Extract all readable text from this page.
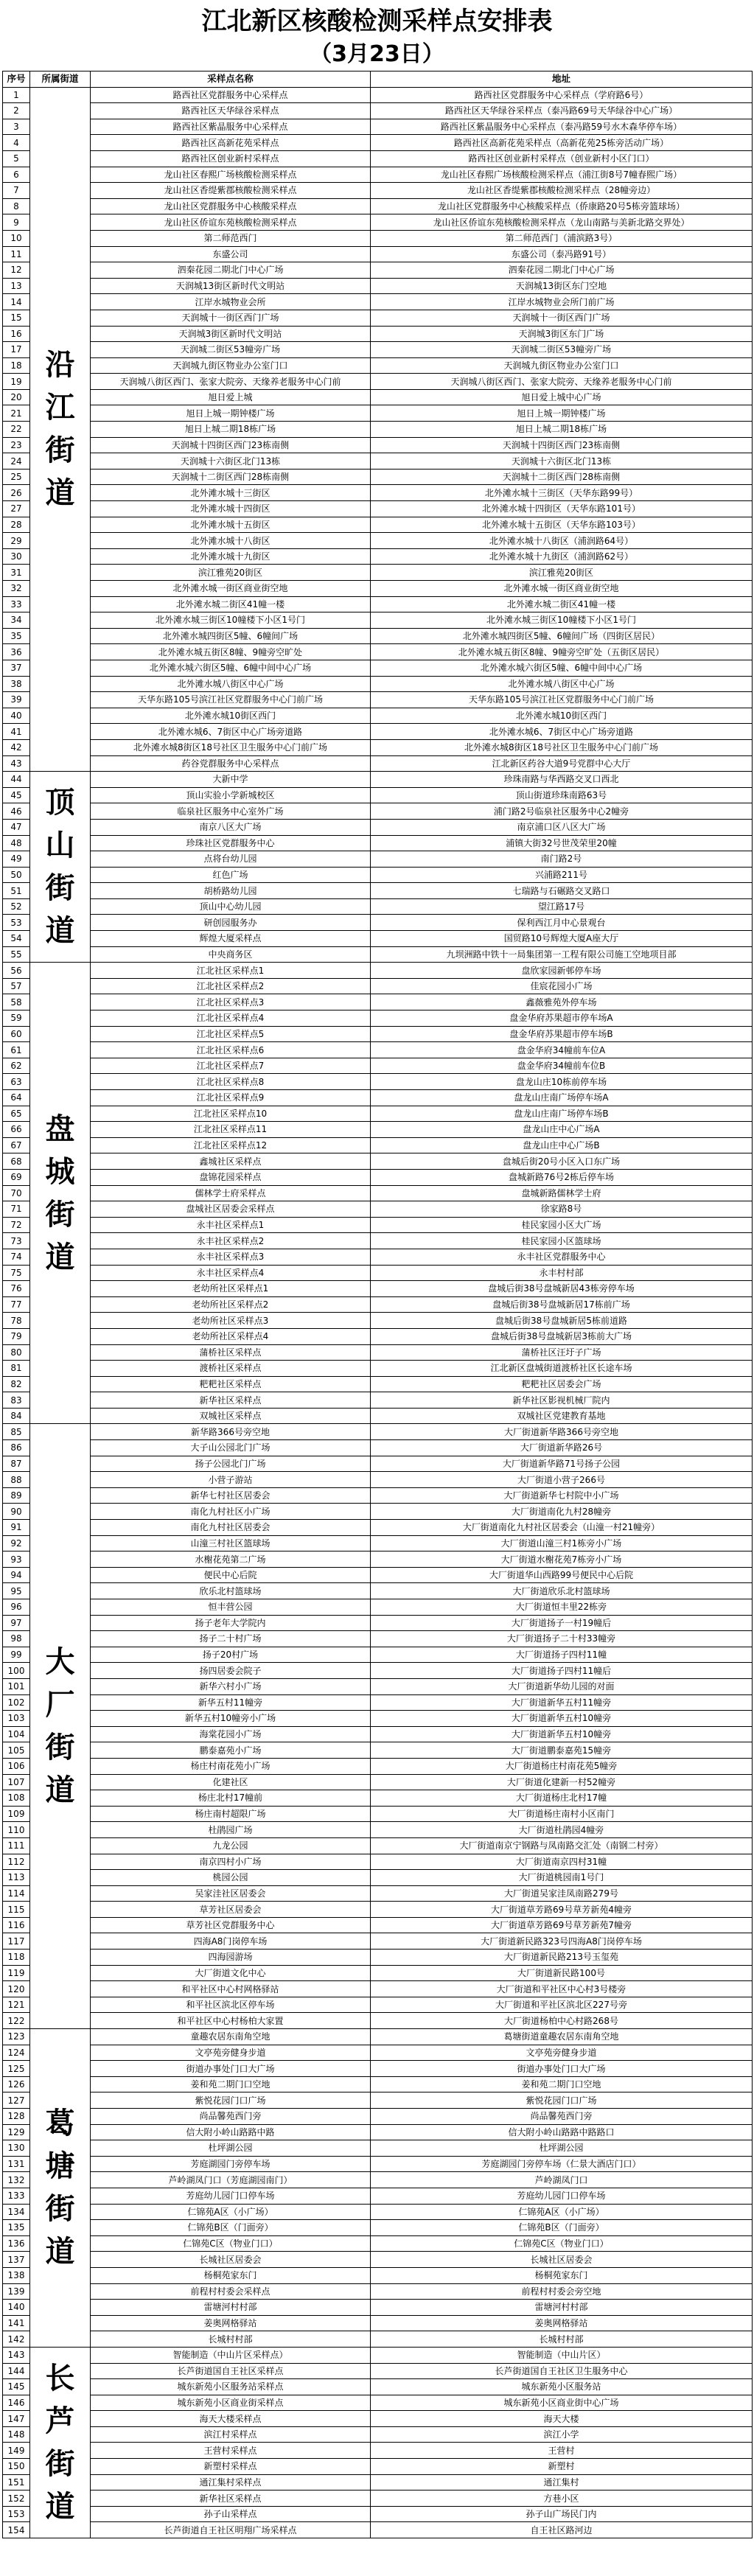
江北新区核酸检测采样点安排表
（3月23日）
序号	所属街道	采样点名称	地址
1	沿江街道	路西社区党群服务中心采样点	路西社区党群服务中心采样点（学府路6号）
2		路西社区天华绿谷采样点	路西社区天华绿谷采样点（泰冯路69号天华绿谷中心广场）
3		路西社区紫晶服务中心采样点	路西社区紫晶服务中心采样点（泰冯路59号水木森华停车场）
4		路西社区高新花苑采样点	路西社区高新花苑采样点（高新花苑25栋旁活动广场）
5		路西社区创业新村采样点	路西社区创业新村采样点（创业新村小区门口）
6		龙山社区春熙广场核酸检测采样点	龙山社区春熙广场核酸检测采样点（浦江街8号7幢春熙广场）
7		龙山社区香缇紫郡核酸检测采样点	龙山社区香缇紫郡核酸检测采样点（28幢旁边）
8		龙山社区党群服务中心核酸采样点	龙山社区党群服务中心核酸采样点（侨康路20号5栋旁篮球场）
9		龙山社区侨谊东苑核酸检测采样点	龙山社区侨谊东苑核酸检测采样点（龙山南路与美新北路交界处）
10		第二师范西门	第二师范西门（浦滨路3号）
11		东盛公司	东盛公司（泰冯路91号）
12		泗秦花园二期北门中心广场	泗秦花园二期北门中心广场
13		天润城13街区新时代文明站	天润城13街区东门空地
14		江岸水城物业会所	江岸水城物业会所门前广场
15		天润城十一街区西门广场	天润城十一街区西门广场
16		天润城3街区新时代文明站	天润城3街区东门广场
17		天润城二街区53幢旁广场	天润城二街区53幢旁广场
18		天润城九街区物业办公室门口	天润城九街区物业办公室门口
19		天润城八街区西门、张家大院旁、天缘养老服务中心门前	天润城八街区西门、张家大院旁、天缘养老服务中心门前
20		旭日爱上城	旭日爱上城中心广场
21		旭日上城一期钟楼广场	旭日上城一期钟楼广场
22		旭日上城二期18栋广场	旭日上城二期18栋广场
23		天润城十四街区西门23栋南侧	天润城十四街区西门23栋南侧
24		天润城十六街区北门13栋	天润城十六街区北门13栋
25		天润城十二街区西门28栋南侧	天润城十二街区西门28栋南侧
26		北外滩水城十三街区	北外滩水城十三街区（天华东路99号）
27		北外滩水城十四街区	北外滩水城十四街区（天华东路101号）
28		北外滩水城十五街区	北外滩水城十五街区（天华东路103号）
29		北外滩水城十八街区	北外滩水城十八街区（浦润路64号）
30		北外滩水城十九街区	北外滩水城十九街区（浦润路62号）
31		滨江雅苑20街区	滨江雅苑20街区
32		北外滩水城一街区商业街空地	北外滩水城一街区商业街空地
33		北外滩水城二街区41幢一楼	北外滩水城二街区41幢一楼
34		北外滩水城三街区10幢楼下小区1号门	北外滩水城三街区10幢楼下小区1号门
35		北外滩水城四街区5幢、6幢间广场	北外滩水城四街区5幢、6幢间广场（四街区居民）
36		北外滩水城五街区8幢、9幢旁空旷处	北外滩水城五街区8幢、9幢旁空旷处（五街区居民）
37		北外滩水城六街区5幢、6幢中间中心广场	北外滩水城六街区5幢、6幢中间中心广场
38		北外滩水城八街区中心广场	北外滩水城八街区中心广场
39		天华东路105号滨江社区党群服务中心门前广场	天华东路105号滨江社区党群服务中心门前广场
40		北外滩水城10街区西门	北外滩水城10街区西门
41		北外滩水城6、7街区中心广场旁道路	北外滩水城6、7街区中心广场旁道路
42		北外滩水城8街区18号社区卫生服务中心门前广场	北外滩水城8街区18号社区卫生服务中心门前广场
43		药谷党群服务中心采样点	江北新区药谷大道9号党群中心大厅
44	顶山街道	大新中学	珍珠南路与华西路交叉口西北
45		顶山实验小学新城校区	顶山街道珍珠南路63号
46		临泉社区服务中心室外广场	浦门路2号临泉社区服务中心2幢旁
47		南京八区大广场	南京浦口区八区大广场
48		珍珠社区党群服务中心	浦镇大街32号世茂荣里20幢
49		点将台幼儿园	南门路2号
50		红色广场	兴浦路211号
51		胡桥路幼儿园	七瑞路与石碾路交叉路口
52		顶山中心幼儿园	望江路17号
53		研创园服务办	保利西江月中心景观台
54		辉煌大厦采样点	国贸路10号辉煌大厦A座大厅
55		中央商务区	九坝洲路中铁十一局集团第一工程有限公司施工空地项目部
56	盘城街道	江北社区采样点1	盘欣家园新邨停车场
57		江北社区采样点2	佳宸花园小广场
58		江北社区采样点3	鑫薇雅苑外停车场
59		江北社区采样点4	盘金华府苏果超市停车场A
60		江北社区采样点5	盘金华府苏果超市停车场B
61		江北社区采样点6	盘金华府34幢前车位A
62		江北社区采样点7	盘金华府34幢前车位B
63		江北社区采样点8	盘龙山庄10栋前停车场
64		江北社区采样点9	盘龙山庄南广场停车场A
65		江北社区采样点10	盘龙山庄南广场停车场B
66		江北社区采样点11	盘龙山庄中心广场A
67		江北社区采样点12	盘龙山庄中心广场B
68		鑫城社区采样点	盘城后街20号小区入口东广场
69		盘锦花园采样点	盘城新路76号2栋后停车场
70		儒林学士府采样点	盘城新路儒林学士府
71		盘城社区居委会采样点	徐家路8号
72		永丰社区采样点1	桂民家园小区大广场
73		永丰社区采样点2	桂民家园小区篮球场
74		永丰社区采样点3	永丰社区党群服务中心
75		永丰社区采样点4	永丰村村部
76		老幼所社区采样点1	盘城后街38号盘城新居43栋旁停车场
77		老幼所社区采样点2	盘城后街38号盘城新居17栋前广场
78		老幼所社区采样点3	盘城后街38号盘城新居5栋前道路
79		老幼所社区采样点4	盘城后街38号盘城新居3栋前大广场
80		蒲桥社区采样点	蒲桥社区汪圩子广场
81		渡桥社区采样点	江北新区盘城街道渡桥社区长途车场
82		粑粑社区采样点	粑粑社区居委会广场
83		新华社区采样点	新华社区影视机械厂院内
84		双城社区采样点	双城社区党建教育基地
85	大厂街道	新华路366号旁空地	大厂街道新华路366号旁空地
86		大子山公园北门广场	大厂街道新华路26号
87		扬子公园北门广场	大厂街道新华路71号扬子公园
88		小营子游站	大厂街道小营子266号
89		新华七村社区居委会	大厂街道新华七村院中小广场
90		南化九村社区小广场	大厂街道南化九村28幢旁
91		南化九村社区居委会	大厂街道南化九村社区居委会（山潼一村21幢旁）
92		山潼三村社区篮球场	大厂街道山潼三村1栋旁小广场
93		水榭花苑第二广场	大厂街道水榭花苑7栋旁小广场
94		便民中心后院	大厂街道华山西路99号便民中心后院
95		欣乐北村篮球场	大厂街道欣乐北村篮球场
96		恒丰营公园	大厂街道恒丰里22栋旁
97		扬子老年大学院内	大厂街道扬子一村19幢后
98		扬子二十村广场	大厂街道扬子二十村33幢旁
99		扬子20村广场	大厂街道扬子四村11幢
100		扬四居委会院子	大厂街道扬子四村11幢后
101		新华六村小广场	大厂街道新华幼儿园的对面
102		新华五村11幢旁	大厂街道新华五村11幢旁
103		新华五村10幢旁小广场	大厂街道新华五村10幢旁
104		海棠花园小广场	大厂街道新华五村10幢旁
105		鹏泰嘉苑小广场	大厂街道鹏泰嘉苑15幢旁
106		杨庄村南花苑小广场	大厂街道杨庄村南花苑5幢旁
107		化建社区	大厂街道化建新一村52幢旁
108		杨庄北村17幢前	大厂街道杨庄北村17幢
109		杨庄南村超限广场	大厂街道杨庄南村小区南门
110		杜鹃园广场	大厂街道杜鹃园4幢旁
111		九龙公园	大厂街道南京宁钢路与凤南路交汇处（南钢二村旁）
112		南京四村小广场	大厂街道南京四村31幢
113		桃园公园	大厂街道桃园南1号门
114		吴家洼社区居委会	大厂街道吴家洼凤南路279号
115		草芳社区居委会	大厂街道草芳路69号草芳新苑4幢旁
116		草芳社区党群服务中心	大厂街道草芳路69号草芳新苑7幢旁
117		四海A8门岗停车场	大厂街道新民路323号四海A8门岗停车场
118		四海园游场	大厂街道新民路213号玉玺苑
119		大厂街道文化中心	大厂街道新民路100号
120		和平社区中心村网格驿站	大厂街道和平社区中心村3号楼旁
121		和平社区滨北区停车场	大厂街道和平社区滨北区227号旁
122		和平社区中心村杨柏大家置	大厂街道杨柏中心村路268号
123	葛塘街道	童趣农居东南角空地	葛塘街道童趣农居东南角空地
124		文亭苑旁健身步道	文亭苑旁健身步道
125		街道办事处门口大广场	街道办事处门口大广场
126		姜和苑二期门口空地	姜和苑二期门口空地
127		紫悦花园门口广场	紫悦花园门口广场
128		尚品馨苑西门旁	尚品馨苑西门旁
129		信大附小岭山路路中路	信大附小岭山路路中路路口
130		杜坪湖公园	杜坪湖公园
131		芳庭湖园门旁停车场	芳庭湖园门旁停车场（仁景大酒店门口）
132		芦岭湖凤门口（芳庭湖园南门）	芦岭湖凤门口
133		芳庭幼儿园门口停车场	芳庭幼儿园门口停车场
134		仁锦苑A区（小广场）	仁锦苑A区（小广场）
135		仁锦苑B区（门面旁）	仁锦苑B区（门面旁）
136		仁锦苑C区（物业门口）	仁锦苑C区（物业门口）
137		长城社区居委会	长城社区居委会
138		杨桐苑家东门	杨桐苑家东门
139		前程村村委会采样点	前程村村委会旁空地
140		雷塘河村村部	雷塘河村村部
141		姜奥网格驿站	姜奥网格驿站
142		长城村村部	长城村村部
143	长芦街道	智能制造（中山片区采样点）	智能制造（中山片区）
144		长芦街道国自王社区采样点	长芦街道国自王社区卫生服务中心
145		城东新苑小区服务站采样点	城东新苑小区服务站
146		城东新苑小区商业街采样点	城东新苑小区商业街中心广场
147		海天大楼采样点	海天大楼
148		滨江村采样点	滨江小学
149		王营村采样点	王营村
150		新塑村采样点	新塑村
151		通江集村采样点	通江集村
152		新华社区采样点	方巷小区
153		孙子山采样点	孙子山广场民门内
154		长芦街道自王社区明翔广场采样点	自王社区路河边
